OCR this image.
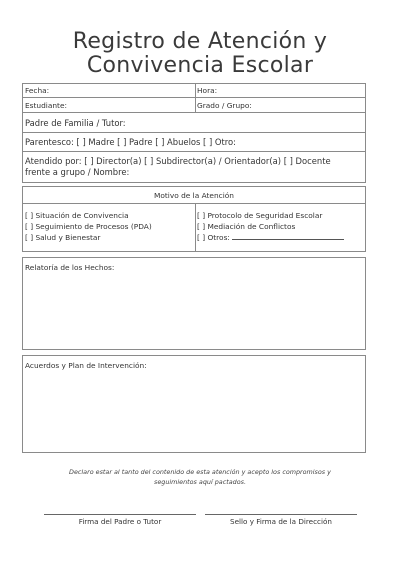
Registro de Atención y
Convivencia Escolar
Fecha:	Hora:
Estudiante:	Grado / Grupo:
Padre de Familia / Tutor:
Parentesco: [ ] Madre [ ] Padre [ ] Abuelos [ ] Otro:
Atendido por: [ ] Director(a) [ ] Subdirector(a) / Orientador(a) [ ] Docente
frente a grupo / Nombre:
Motivo de la Atención
[ ] Situación de Convivencia
[ ] Seguimiento de Procesos (PDA)
[ ] Salud y Bienestar
[ ] Protocolo de Seguridad Escolar
[ ] Mediación de Conflictos
[ ] Otros:
Relatoría de los Hechos:
Acuerdos y Plan de Intervención:
Declaro estar al tanto del contenido de esta atención y acepto los compromisos y
seguimientos aquí pactados.
Firma del Padre o Tutor	Sello y Firma de la Dirección
